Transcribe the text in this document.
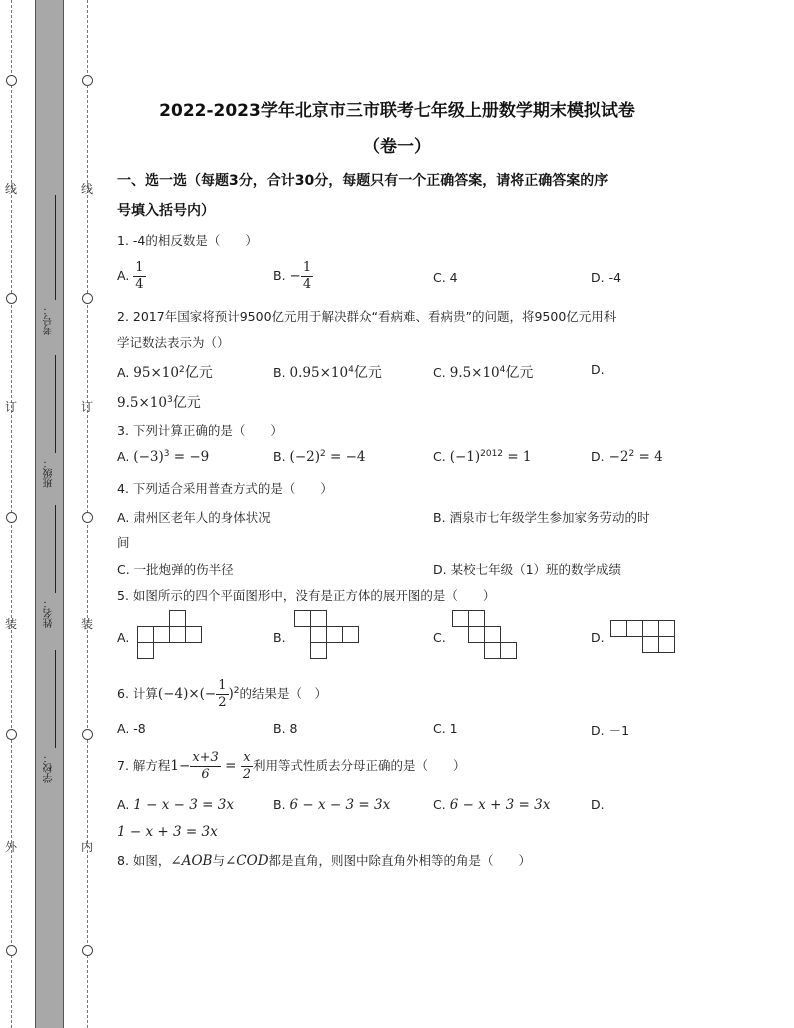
线
订
装
外
线
订
装
内
考号：
班级：
姓名：
学校：
2022-2023学年北京市三市联考七年级上册数学期末模拟试卷
（卷一）
一、选一选（每题3分，合计30分，每题只有一个正确答案，请将正确答案的序
号填入括号内）
1. -4的相反数是（　　）
A. $\frac{1}{4}$	B. − $\frac{1}{4}$	C. 4	D. -4
2. 2017年国家将预计9500亿元用于解决群众“看病难、看病贵”的问题，将9500亿元用科
学记数法表示为（）
A. $95\times 10^2$亿元	B. $0.95\times 10^4$亿元	C. $9.5\times 10^4$亿元	D.
$9.5\times 10^3$亿元
3. 下列计算正确的是（　　）
A. $(-3)^3 = -9$	B. $(-2)^2 = -4$	C. $(-1)^{2012} = 1$	D. $-2^2 = 4$
4. 下列适合采用普查方式的是（　　）
A. 肃州区老年人的身体状况	B. 酒泉市七年级学生参加家务劳动的时
间
C. 一批炮弹的伤半径	D. 某校七年级（1）班的数学成绩
5. 如图所示的四个平面图形中，没有是正方体的展开图的是（　　）
A.	B.	C.	D.
6. 计算$(-4)\times(- \frac{1}{2} )^2$的结果是（　）
A. -8	B. 8	C. 1	D. －1
7. 解方程$1- \frac{x+3}{6} = \frac{x}{2}$ 利用等式性质去分母正确的是（　　）
A. 1 − x − 3 = 3x	B. 6 − x − 3 = 3x	C. 6 − x + 3 = 3x	D.
1 − x + 3 = 3x
8. 如图，∠AOB与∠COD都是直角，则图中除直角外相等的角是（　　）
